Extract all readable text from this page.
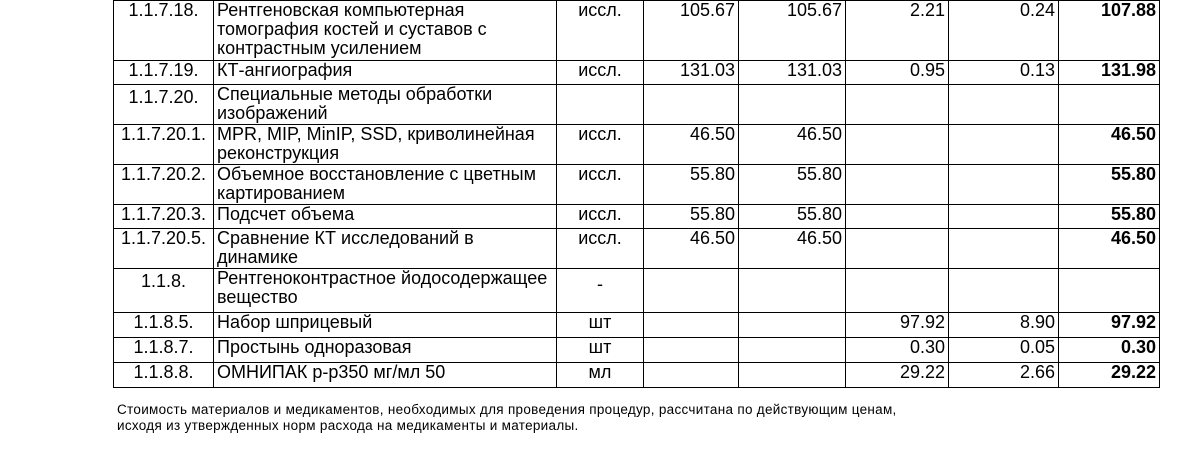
1.1.7.18.	Рентгеновская компьютерная томография костей и суставов с контрастным усилением	иссл.	105.67	105.67	2.21	0.24	107.88
1.1.7.19.	КТ-ангиография	иссл.	131.03	131.03	0.95	0.13	131.98
1.1.7.20.	Специальные методы обработки изображений						
1.1.7.20.1.	MPR, MIP, MinIP, SSD, криволинейная реконструкция	иссл.	46.50	46.50			46.50
1.1.7.20.2.	Объемное восстановление с цветным картированием	иссл.	55.80	55.80			55.80
1.1.7.20.3.	Подсчет объема	иссл.	55.80	55.80			55.80
1.1.7.20.5.	Сравнение КТ исследований в динамике	иссл.	46.50	46.50			46.50
1.1.8.	Рентгеноконтрастное йодосодержащее вещество	-					
1.1.8.5.	Набор шприцевый	шт			97.92	8.90	97.92
1.1.8.7.	Простынь одноразовая	шт			0.30	0.05	0.30
1.1.8.8.	ОМНИПАК р-р350 мг/мл 50	мл			29.22	2.66	29.22
Стоимость материалов и медикаментов, необходимых для проведения процедур, рассчитана по действующим ценам,
исходя из утвержденных норм расхода на медикаменты и материалы.
